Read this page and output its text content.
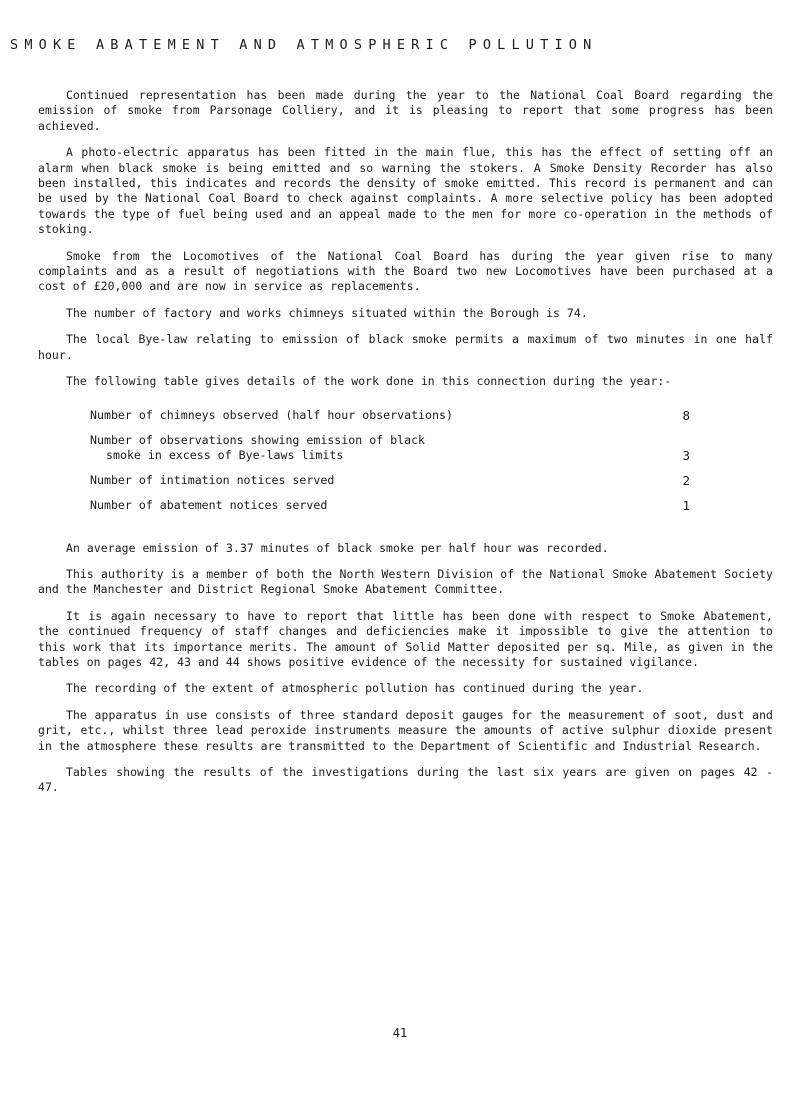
SMOKE ABATEMENT AND ATMOSPHERIC POLLUTION

Continued representation has been made during the year to the National Coal Board regarding the emission of smoke from Parsonage Colliery, and it is pleasing to report that some progress has been achieved.

A photo-electric apparatus has been fitted in the main flue, this has the effect of setting off an alarm when black smoke is being emitted and so warning the stokers. A Smoke Density Recorder has also been installed, this indicates and records the density of smoke emitted. This record is permanent and can be used by the National Coal Board to check against complaints. A more selective policy has been adopted towards the type of fuel being used and an appeal made to the men for more co-operation in the methods of stoking.

Smoke from the Locomotives of the National Coal Board has during the year given rise to many complaints and as a result of negotiations with the Board two new Locomotives have been purchased at a cost of £20,000 and are now in service as replacements.

The number of factory and works chimneys situated within the Borough is 74.

The local Bye-law relating to emission of black smoke permits a maximum of two minutes in one half hour.

The following table gives details of the work done in this connection during the year:-

Number of chimneys observed (half hour observations)	8

Number of observations showing emission of black
smoke in excess of Bye-laws limits	3

Number of intimation notices served	2

Number of abatement notices served	1

An average emission of 3.37 minutes of black smoke per half hour was recorded.

This authority is a member of both the North Western Division of the National Smoke Abatement Society and the Manchester and District Regional Smoke Abatement Committee.

It is again necessary to have to report that little has been done with respect to Smoke Abatement, the continued frequency of staff changes and deficiencies make it impossible to give the attention to this work that its importance merits. The amount of Solid Matter deposited per sq. Mile, as given in the tables on pages 42, 43 and 44 shows positive evidence of the necessity for sustained vigilance.

The recording of the extent of atmospheric pollution has continued during the year.

The apparatus in use consists of three standard deposit gauges for the measurement of soot, dust and grit, etc., whilst three lead peroxide instruments measure the amounts of active sulphur dioxide present in the atmosphere these results are transmitted to the Department of Scientific and Industrial Research.

Tables showing the results of the investigations during the last six years are given on pages 42 - 47.

41
